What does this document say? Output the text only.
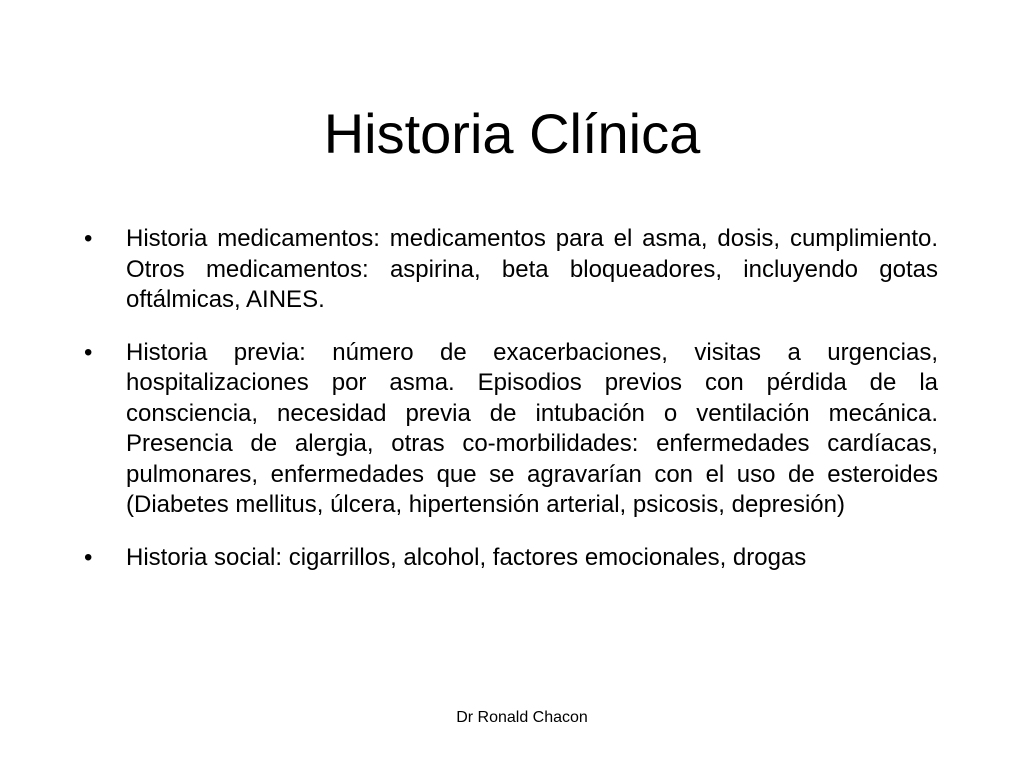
Historia Clínica
•	Historia medicamentos: medicamentos para el asma, dosis, cumplimiento. Otros medicamentos: aspirina, beta bloqueadores, incluyendo gotas oftálmicas, AINES.
•	Historia previa: número de exacerbaciones, visitas a urgencias, hospitalizaciones por asma. Episodios previos con pérdida de la consciencia, necesidad previa de intubación o ventilación mecánica. Presencia de alergia, otras co-morbilidades: enfermedades cardíacas, pulmonares, enfermedades que se agravarían con el uso de esteroides (Diabetes mellitus, úlcera, hipertensión arterial, psicosis, depresión)
•	Historia social: cigarrillos, alcohol, factores emocionales, drogas
Dr Ronald Chacon
